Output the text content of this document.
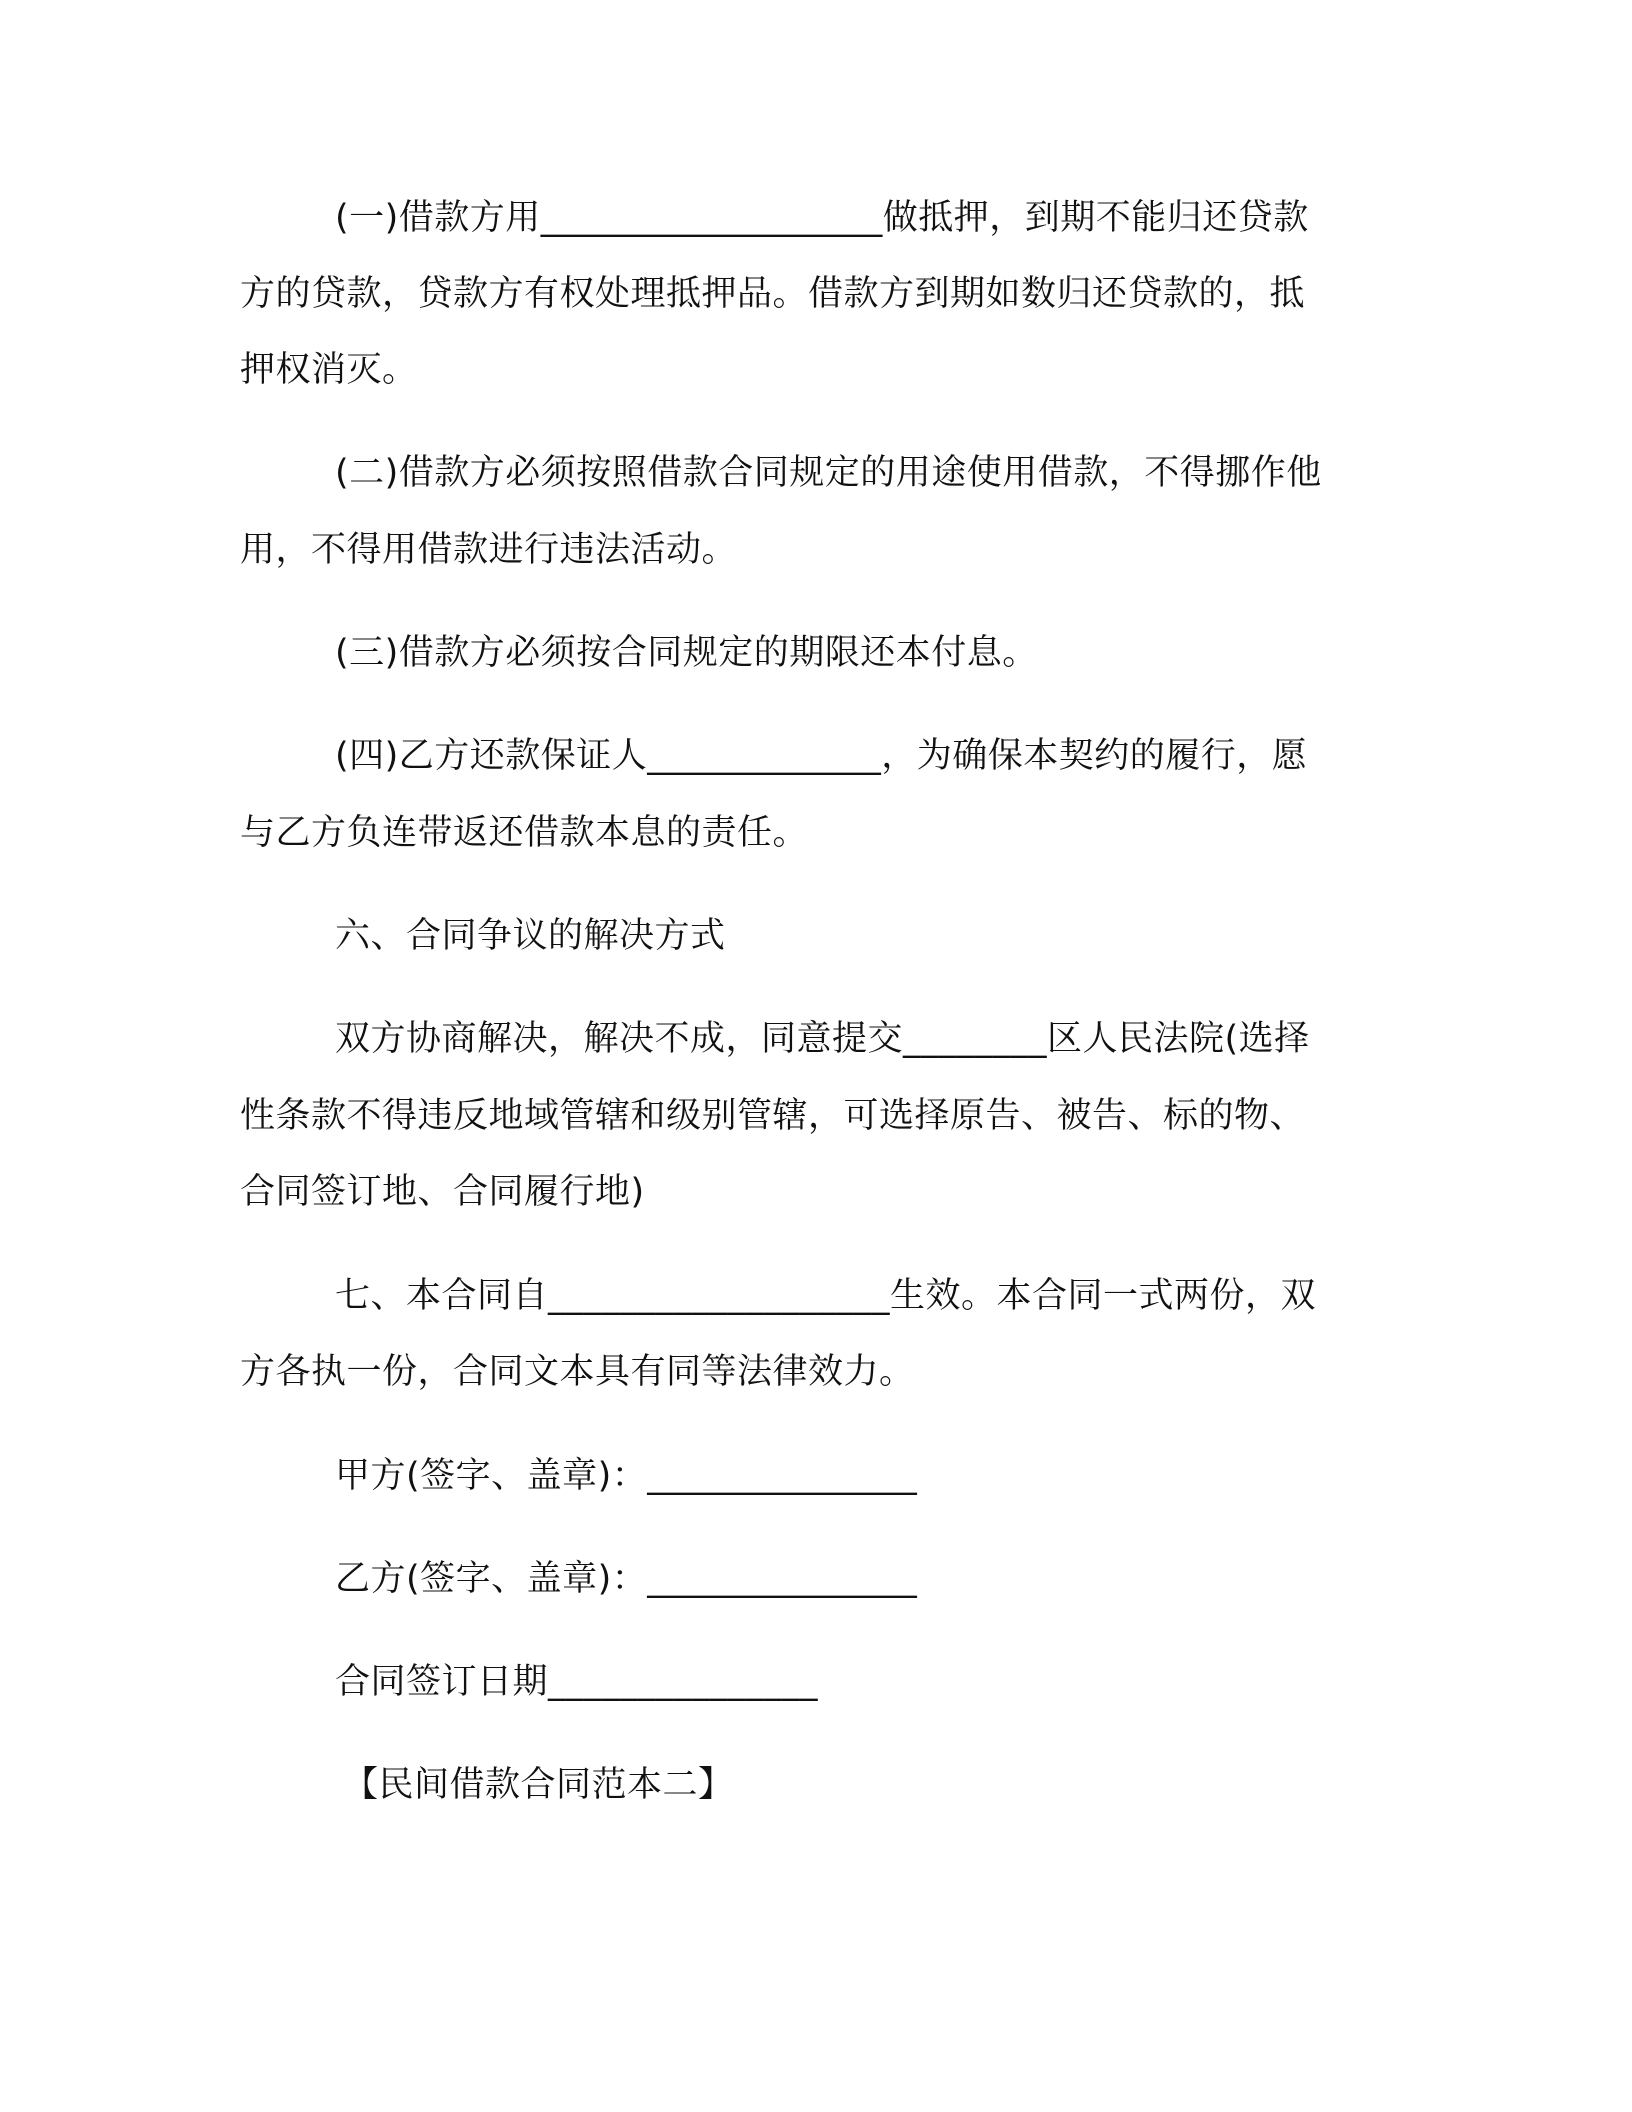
(一)借款方用___________________做抵押，到期不能归还贷款
方的贷款，贷款方有权处理抵押品。借款方到期如数归还贷款的，抵
押权消灭。
(二)借款方必须按照借款合同规定的用途使用借款，不得挪作他
用，不得用借款进行违法活动。
(三)借款方必须按合同规定的期限还本付息。
(四)乙方还款保证人_____________，为确保本契约的履行，愿
与乙方负连带返还借款本息的责任。
六、合同争议的解决方式
双方协商解决，解决不成，同意提交________区人民法院(选择
性条款不得违反地域管辖和级别管辖，可选择原告、被告、标的物、
合同签订地、合同履行地)
七、本合同自___________________生效。本合同一式两份，双
方各执一份，合同文本具有同等法律效力。
甲方(签字、盖章)：_______________
乙方(签字、盖章)：_______________
合同签订日期_______________
【民间借款合同范本二】
